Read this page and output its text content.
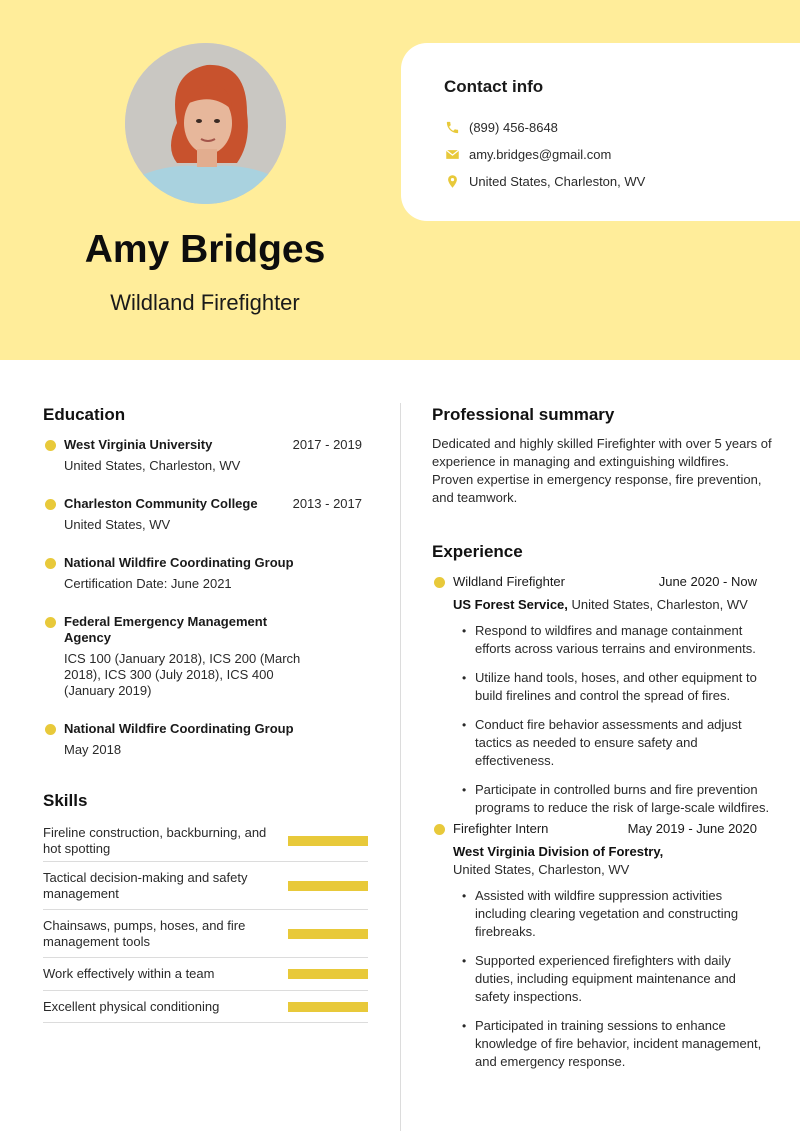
Amy Bridges
Wildland Firefighter
Contact info
(899) 456-8648
amy.bridges@gmail.com
United States, Charleston, WV
Education
West Virginia University	2017 - 2019
United States, Charleston, WV
Charleston Community College	2013 - 2017
United States, WV
National Wildfire Coordinating Group
Certification Date: June 2021
Federal Emergency Management Agency
ICS 100 (January 2018), ICS 200 (March 2018), ICS 300 (July 2018), ICS 400 (January 2019)
National Wildfire Coordinating Group
May 2018
Skills
Fireline construction, backburning, and hot spotting
Tactical decision-making and safety management
Chainsaws, pumps, hoses, and fire management tools
Work effectively within a team
Excellent physical conditioning
Professional summary
Dedicated and highly skilled Firefighter with over 5 years of experience in managing and extinguishing wildfires. Proven expertise in emergency response, fire prevention, and teamwork.
Experience
Wildland Firefighter	June 2020 - Now
US Forest Service, United States, Charleston, WV
• Respond to wildfires and manage containment efforts across various terrains and environments.
• Utilize hand tools, hoses, and other equipment to build firelines and control the spread of fires.
• Conduct fire behavior assessments and adjust tactics as needed to ensure safety and effectiveness.
• Participate in controlled burns and fire prevention programs to reduce the risk of large-scale wildfires.
Firefighter Intern	May 2019 - June 2020
West Virginia Division of Forestry,
United States, Charleston, WV
• Assisted with wildfire suppression activities including clearing vegetation and constructing firebreaks.
• Supported experienced firefighters with daily duties, including equipment maintenance and safety inspections.
• Participated in training sessions to enhance knowledge of fire behavior, incident management, and emergency response.
